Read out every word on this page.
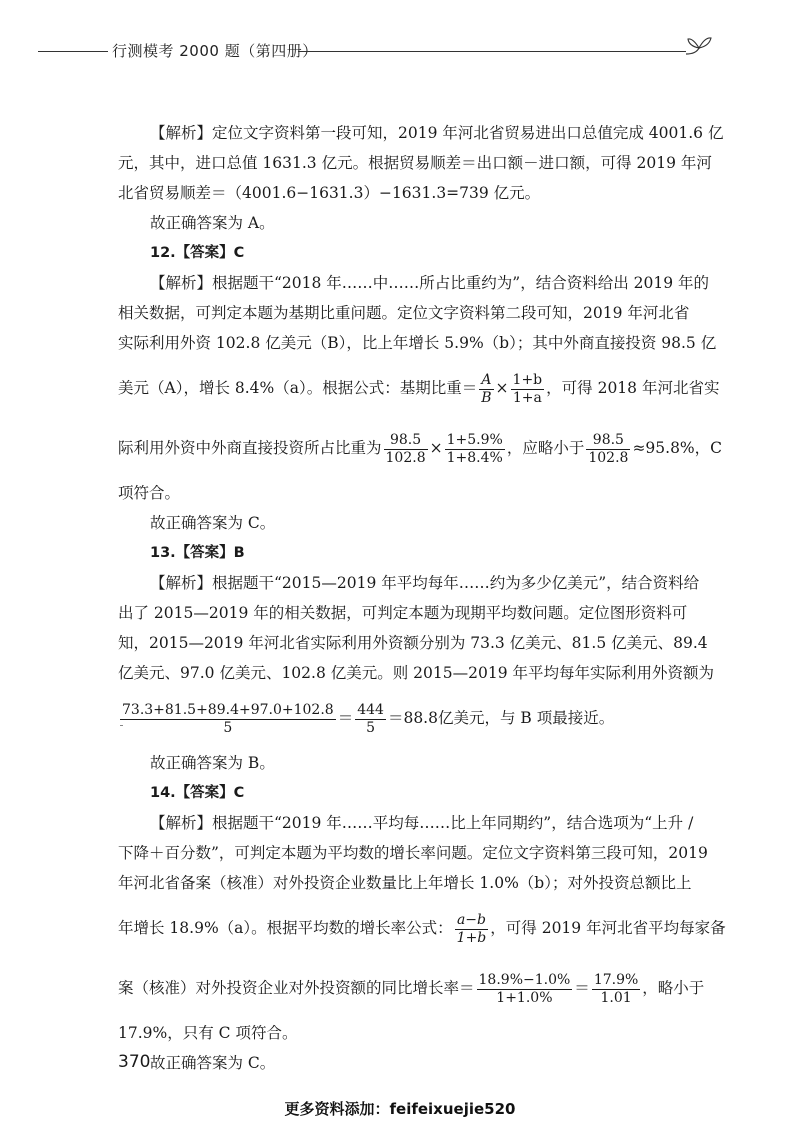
行测模考 2000 题（第四册）
【解析】定位文字资料第一段可知，2019 年河北省贸易进出口总值完成 4001.6 亿
元，其中，进口总值 1631.3 亿元。根据贸易顺差＝出口额－进口额，可得 2019 年河
北省贸易顺差＝（4001.6−1631.3）−1631.3=739 亿元。
故正确答案为 A。
12.【答案】C
【解析】根据题干“2018 年……中……所占比重约为”，结合资料给出 2019 年的
相关数据，可判定本题为基期比重问题。定位文字资料第二段可知，2019 年河北省
实际利用外资 102.8 亿美元（B），比上年增长 5.9%（b）；其中外商直接投资 98.5 亿
美元（A），增长 8.4%（a）。根据公式：基期比重＝ $\frac{A}{B} \times \frac{1+b}{1+a}$ ，可得 2018 年河北省实
际利用外资中外商直接投资所占比重为 $\frac{98.5}{102.8} \times \frac{1+5.9\%}{1+8.4\%}$ ，应略小于 $\frac{98.5}{102.8} \approx 95.8\%$，C
项符合。
故正确答案为 C。
13.【答案】B
【解析】根据题干“2015—2019 年平均每年……约为多少亿美元”，结合资料给
出了 2015—2019 年的相关数据，可判定本题为现期平均数问题。定位图形资料可
知，2015—2019 年河北省实际利用外资额分别为 73.3 亿美元、81.5 亿美元、89.4
亿美元、97.0 亿美元、102.8 亿美元。则 2015—2019 年平均每年实际利用外资额为
$\frac{73.3+81.5+89.4+97.0+102.8}{5} = \frac{444}{5} =88.8$亿美元，与 B 项最接近。
故正确答案为 B。
14.【答案】C
【解析】根据题干“2019 年……平均每……比上年同期约”，结合选项为“上升 /
下降＋百分数”，可判定本题为平均数的增长率问题。定位文字资料第三段可知，2019
年河北省备案（核准）对外投资企业数量比上年增长 1.0%（b）；对外投资总额比上
年增长 18.9%（a）。根据平均数的增长率公式： $\frac{a-b}{1+b}$ ，可得 2019 年河北省平均每家备
案（核准）对外投资企业对外投资额的同比增长率＝ $\frac{18.9\%-1.0\%}{1+1.0\%} = \frac{17.9\%}{1.01}$ ，略小于
17.9%，只有 C 项符合。
故正确答案为 C。
370
更多资料添加：feifeixuejie520
